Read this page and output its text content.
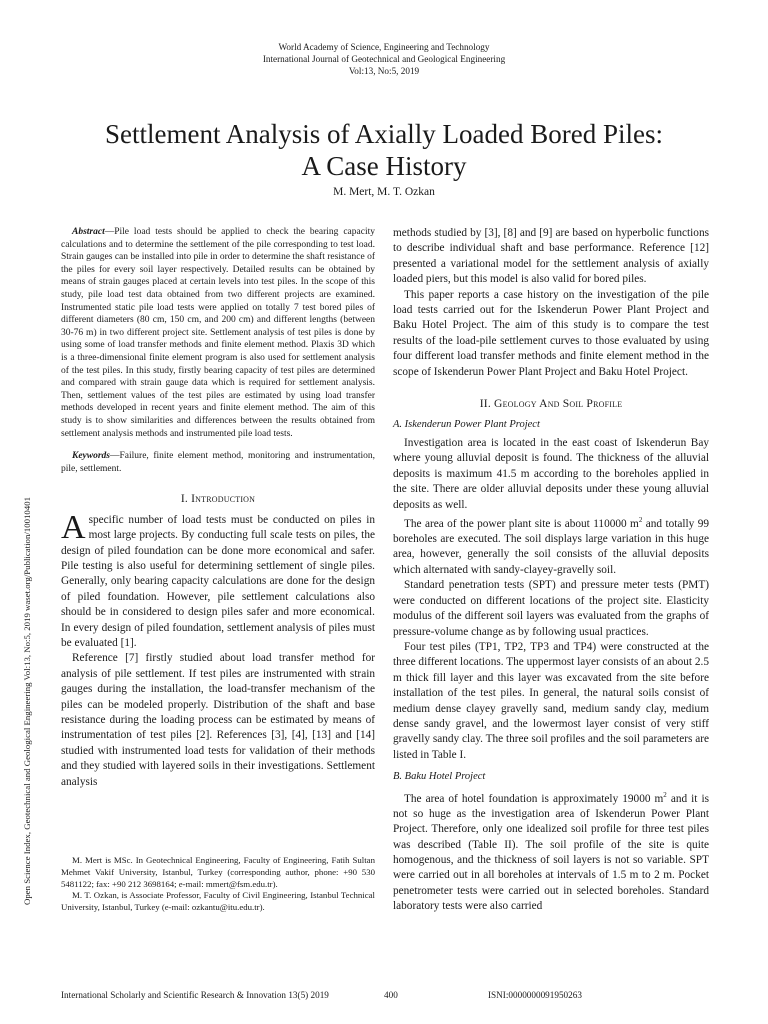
World Academy of Science, Engineering and Technology
International Journal of Geotechnical and Geological Engineering
Vol:13, No:5, 2019
Settlement Analysis of Axially Loaded Bored Piles:
A Case History
M. Mert, M. T. Ozkan
Open Science Index, Geotechnical and Geological Engineering Vol:13, No:5, 2019 waset.org/Publication/10010401

Abstract—Pile load tests should be applied to check the bearing capacity calculations and to determine the settlement of the pile corresponding to test load. Strain gauges can be installed into pile in order to determine the shaft resistance of the piles for every soil layer respectively. Detailed results can be obtained by means of strain gauges placed at certain levels into test piles. In the scope of this study, pile load test data obtained from two different projects are examined. Instrumented static pile load tests were applied on totally 7 test bored piles of different diameters (80 cm, 150 cm, and 200 cm) and different lengths (between 30-76 m) in two different project site. Settlement analysis of test piles is done by using some of load transfer methods and finite element method. Plaxis 3D which is a three-dimensional finite element program is also used for settlement analysis of the test piles. In this study, firstly bearing capacity of test piles are determined and compared with strain gauge data which is required for settlement analysis. Then, settlement values of the test piles are estimated by using load transfer methods developed in recent years and finite element method. The aim of this study is to show similarities and differences between the results obtained from settlement analysis methods and instrumented pile load tests.

Keywords—Failure, finite element method, monitoring and instrumentation, pile, settlement.

I. Introduction

A specific number of load tests must be conducted on piles in most large projects. By conducting full scale tests on piles, the design of piled foundation can be done more economical and safer. Pile testing is also useful for determining settlement of single piles. Generally, only bearing capacity calculations are done for the design of piled foundation. However, pile settlement calculations also should be in considered to design piles safer and more economical. In every design of piled foundation, settlement analysis of piles must be evaluated [1].

Reference [7] firstly studied about load transfer method for analysis of pile settlement. If test piles are instrumented with strain gauges during the installation, the load-transfer mechanism of the piles can be modeled properly. Distribution of the shaft and base resistance during the loading process can be estimated by means of instrumentation of test piles [2]. References [3], [4], [13] and [14] studied with instrumented load tests for validation of their methods and they studied with layered soils in their investigations. Settlement analysis

M. Mert is MSc. In Geotechnical Engineering, Faculty of Engineering, Fatih Sultan Mehmet Vakif University, Istanbul, Turkey (corresponding author, phone: +90 530 5481122; fax: +90 212 3698164; e-mail: mmert@fsm.edu.tr).

M. T. Ozkan, is Associate Professor, Faculty of Civil Engineering, Istanbul Technical University, Istanbul, Turkey (e-mail: ozkantu@itu.edu.tr).

methods studied by [3], [8] and [9] are based on hyperbolic functions to describe individual shaft and base performance. Reference [12] presented a variational model for the settlement analysis of axially loaded piers, but this model is also valid for bored piles.

This paper reports a case history on the investigation of the pile load tests carried out for the Iskenderun Power Plant Project and Baku Hotel Project. The aim of this study is to compare the test results of the load-pile settlement curves to those evaluated by using four different load transfer methods and finite element method in the scope of Iskenderun Power Plant Project and Baku Hotel Project.

II. Geology And Soil Profile
A. Iskenderun Power Plant Project

Investigation area is located in the east coast of Iskenderun Bay where young alluvial deposit is found. The thickness of the alluvial deposits is maximum 41.5 m according to the boreholes applied in the site. There are older alluvial deposits under these young alluvial deposits as well.

The area of the power plant site is about 110000 $m^2$ and totally 99 boreholes are executed. The soil displays large variation in this huge area, however, generally the soil consists of the alluvial deposits which alternated with sandy-clayey-gravelly soil.

Standard penetration tests (SPT) and pressure meter tests (PMT) were conducted on different locations of the project site. Elasticity modulus of the different soil layers was evaluated from the graphs of pressure-volume change as by following usual practices.

Four test piles (TP1, TP2, TP3 and TP4) were constructed at the three different locations. The uppermost layer consists of an about 2.5 m thick fill layer and this layer was excavated from the site before installation of the test piles. In general, the natural soils consist of medium dense clayey gravelly sand, medium sandy clay, medium dense sandy gravel, and the lowermost layer consist of very stiff gravelly sandy clay. The three soil profiles and the soil parameters are listed in Table I.

B. Baku Hotel Project

The area of hotel foundation is approximately 19000 $m^2$ and it is not so huge as the investigation area of Iskenderun Power Plant Project. Therefore, only one idealized soil profile for three test piles was described (Table II). The soil profile of the site is quite homogenous, and the thickness of soil layers is not so variable. SPT were carried out in all boreholes at intervals of 1.5 m to 2 m. Pocket penetrometer tests were carried out in selected boreholes. Standard laboratory tests were also carried

International Scholarly and Scientific Research & Innovation 13(5) 2019	400	ISNI:0000000091950263
